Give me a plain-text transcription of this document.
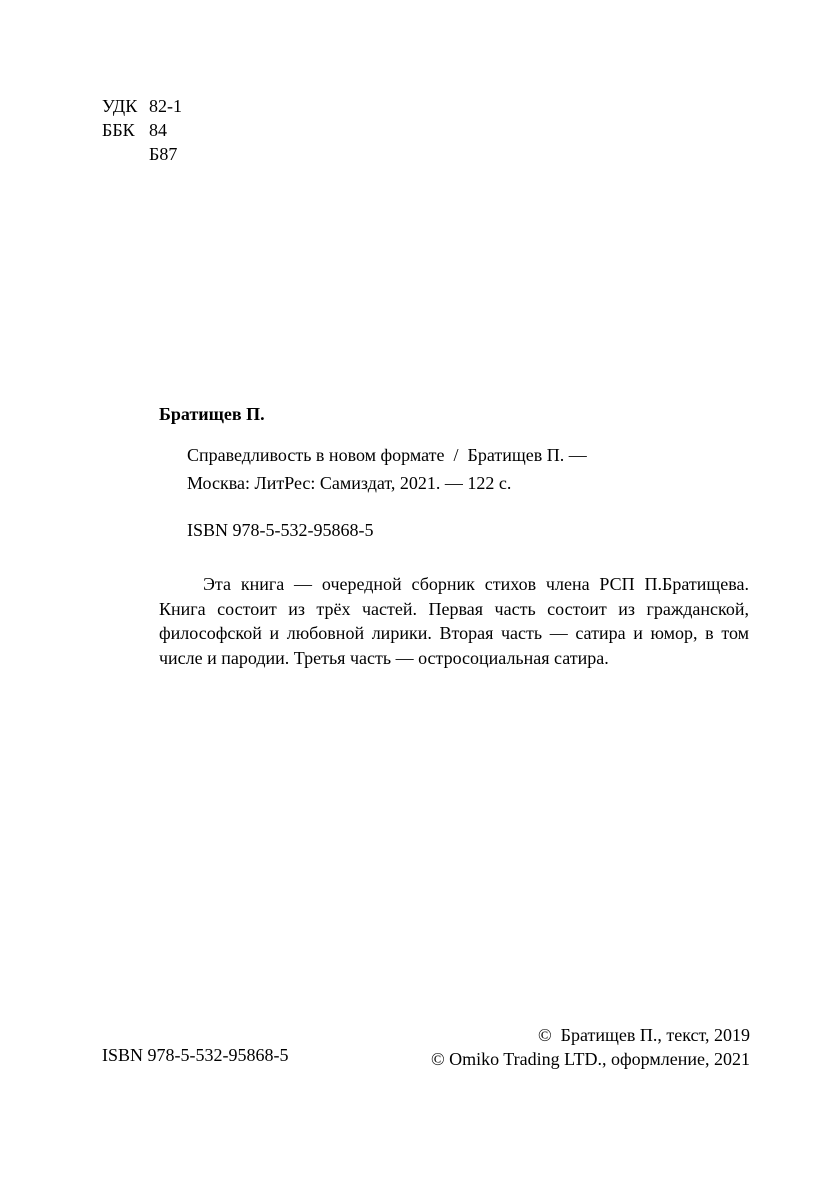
УДК 82-1
ББК 84
Б87
Братищев П.
Справедливость в новом формате  /  Братищев П. —
Москва: ЛитРес: Самиздат, 2021. — 122 с.
ISBN 978-5-532-95868-5
Эта книга — очередной сборник стихов члена РСП П.Братищева. Книга состоит из трёх частей. Первая часть состоит из гражданской, философской и любовной лирики. Вторая часть — сатира и юмор, в том числе и пародии. Третья часть — остросоциальная сатира.
ISBN 978-5-532-95868-5
©  Братищев П., текст, 2019
© Omiko Trading LTD., оформление, 2021
